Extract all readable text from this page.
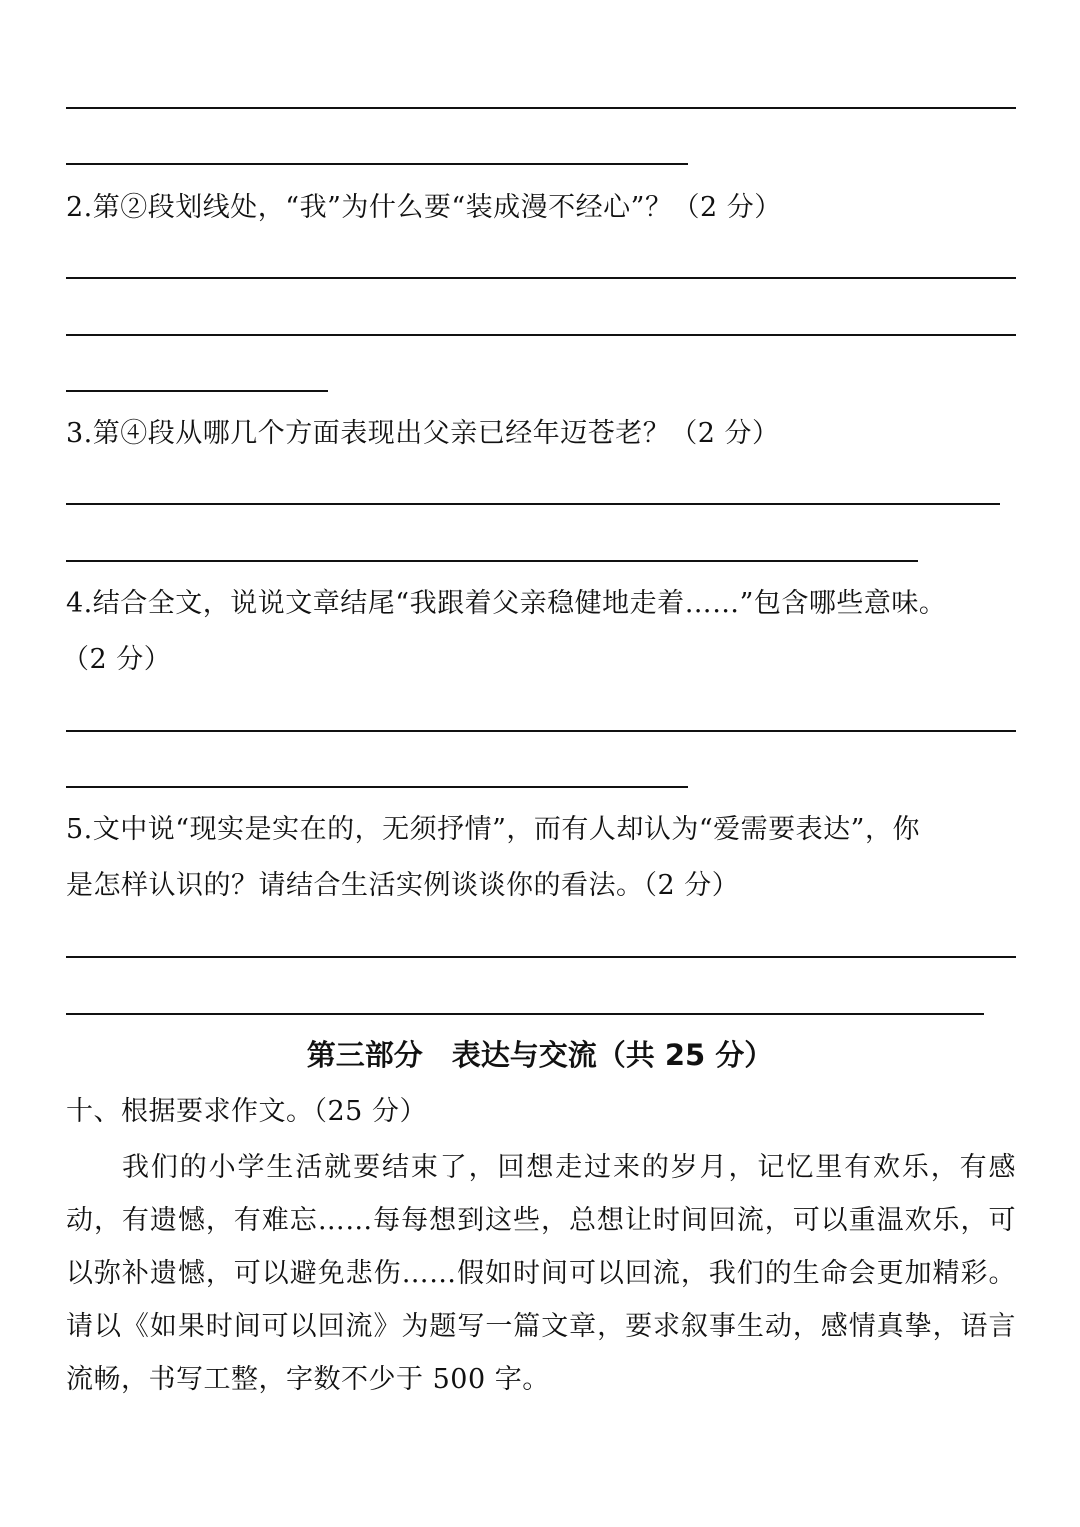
2.第②段划线处，“我”为什么要“装成漫不经心”？（2 分）
3.第④段从哪几个方面表现出父亲已经年迈苍老？（2 分）
4.结合全文，说说文章结尾“我跟着父亲稳健地走着……”包含哪些意味。
（2 分）
5.文中说“现实是实在的，无须抒情”，而有人却认为“爱需要表达”，你
是怎样认识的？请结合生活实例谈谈你的看法。（2 分）
第三部分　表达与交流（共 25 分）
十、根据要求作文。（25 分）
我们的小学生活就要结束了，回想走过来的岁月，记忆里有欢乐，有感动，有遗憾，有难忘……每每想到这些，总想让时间回流，可以重温欢乐，可以弥补遗憾，可以避免悲伤……假如时间可以回流，我们的生命会更加精彩。请以《如果时间可以回流》为题写一篇文章，要求叙事生动，感情真挚，语言流畅，书写工整，字数不少于 500 字。
